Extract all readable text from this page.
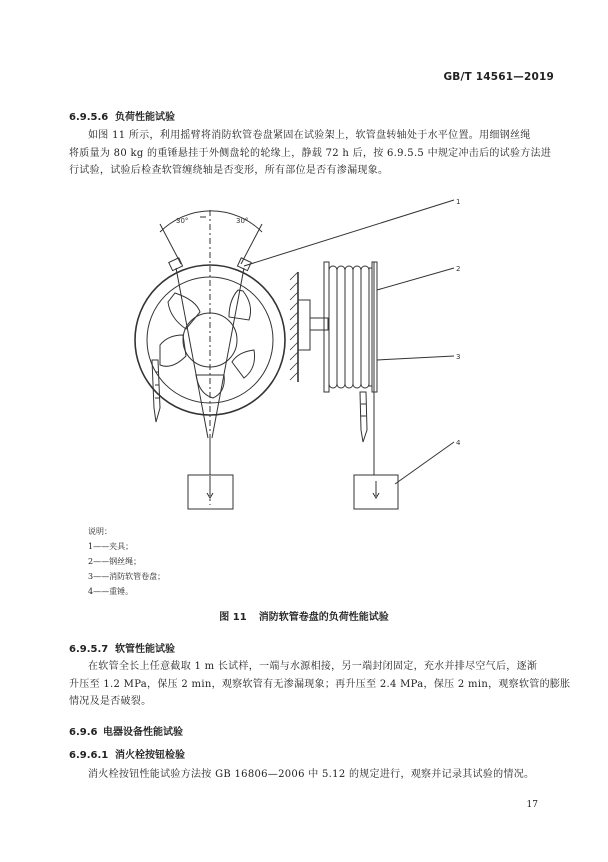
GB/T 14561—2019
6.9.5.6 负荷性能试验
如图 11 所示，利用摇臂将消防软管卷盘紧固在试验架上，软管盘转轴处于水平位置。用细钢丝绳
将质量为 80 kg 的重锤悬挂于外侧盘轮的轮缘上，静载 72 h 后，按 6.9.5.5 中规定冲击后的试验方法进
行试验，试验后检查软管缠绕轴是否变形，所有部位是否有渗漏现象。
30°	30°
1
2
3
4
说明：
1——夹具；
2——钢丝绳；
3——消防软管卷盘；
4——重锤。
图 11 消防软管卷盘的负荷性能试验
6.9.5.7 软管性能试验
在软管全长上任意截取 1 m 长试样，一端与水源相接，另一端封闭固定，充水并排尽空气后，逐渐
升压至 1.2 MPa，保压 2 min，观察软管有无渗漏现象；再升压至 2.4 MPa，保压 2 min，观察软管的膨胀
情况及是否破裂。
6.9.6 电器设备性能试验
6.9.6.1 消火栓按钮检验
消火栓按钮性能试验方法按 GB 16806—2006 中 5.12 的规定进行，观察并记录其试验的情况。
17
